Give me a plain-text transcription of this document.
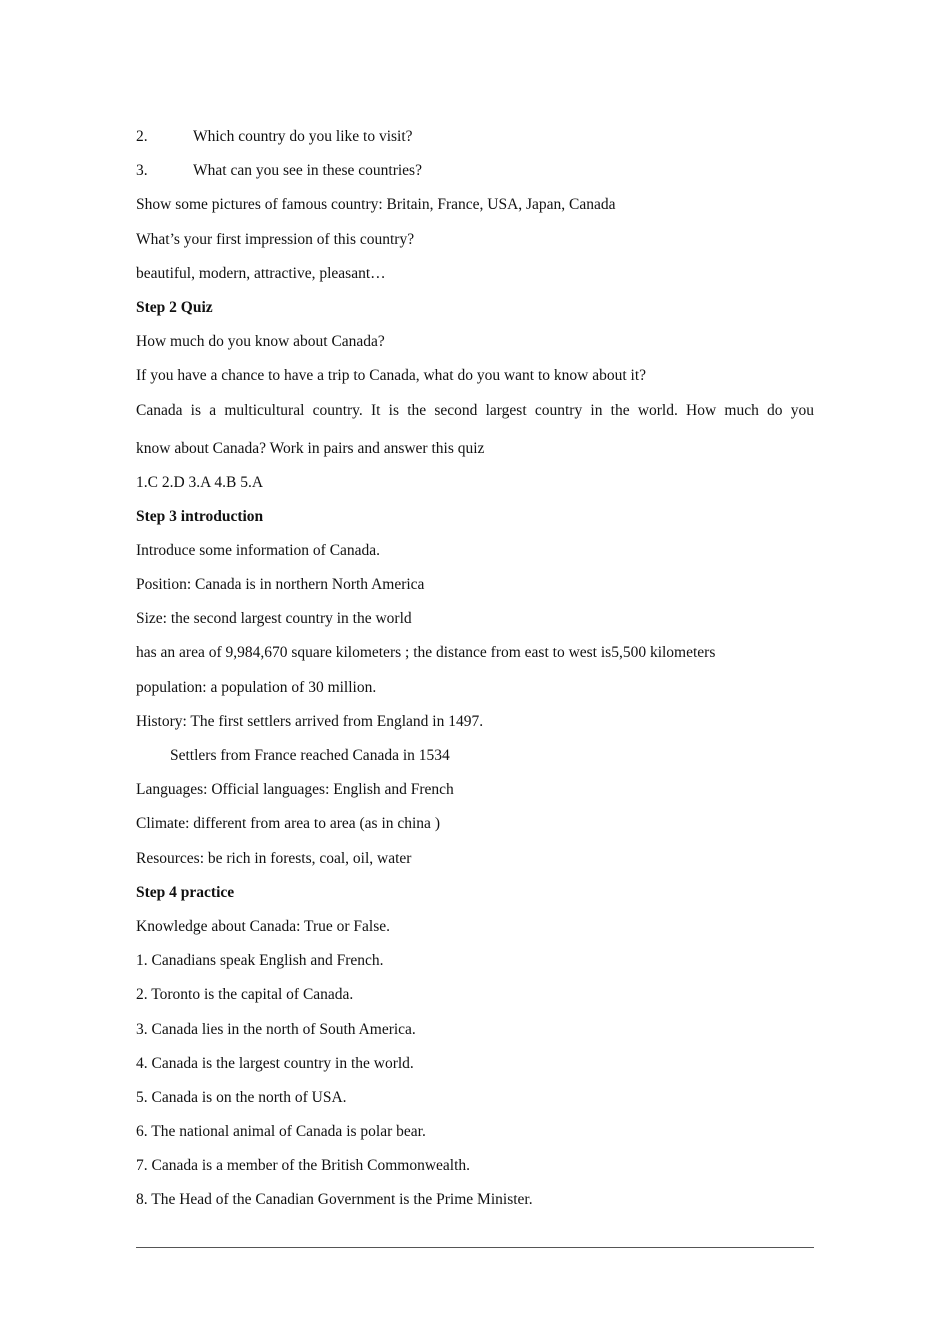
2.	Which country do you like to visit?
3.	What can you see in these countries?
Show some pictures of famous country: Britain, France, USA, Japan, Canada
What’s your first impression of this country?
beautiful, modern, attractive, pleasant…
Step 2 Quiz
How much do you know about Canada?
If you have a chance to have a trip to Canada, what do you want to know about it?
Canada is a multicultural country. It is the second largest country in the world. How much do you
know about Canada? Work in pairs and answer this quiz
1.C 2.D 3.A 4.B 5.A
Step 3 introduction
Introduce some information of Canada.
Position: Canada is in northern North America
Size: the second largest country in the world
has an area of 9,984,670 square kilometers ; the distance from east to west is5,500 kilometers
population: a population of 30 million.
History: The first settlers arrived from England in 1497.
Settlers from France reached Canada in 1534
Languages: Official languages: English and French
Climate: different from area to area (as in china )
Resources: be rich in forests, coal, oil, water
Step 4 practice
Knowledge about Canada: True or False.
1. Canadians speak English and French.
2. Toronto is the capital of Canada.
3. Canada lies in the north of South America.
4. Canada is the largest country in the world.
5. Canada is on the north of USA.
6. The national animal of Canada is polar bear.
7. Canada is a member of the British Commonwealth.
8. The Head of the Canadian Government is the Prime Minister.
